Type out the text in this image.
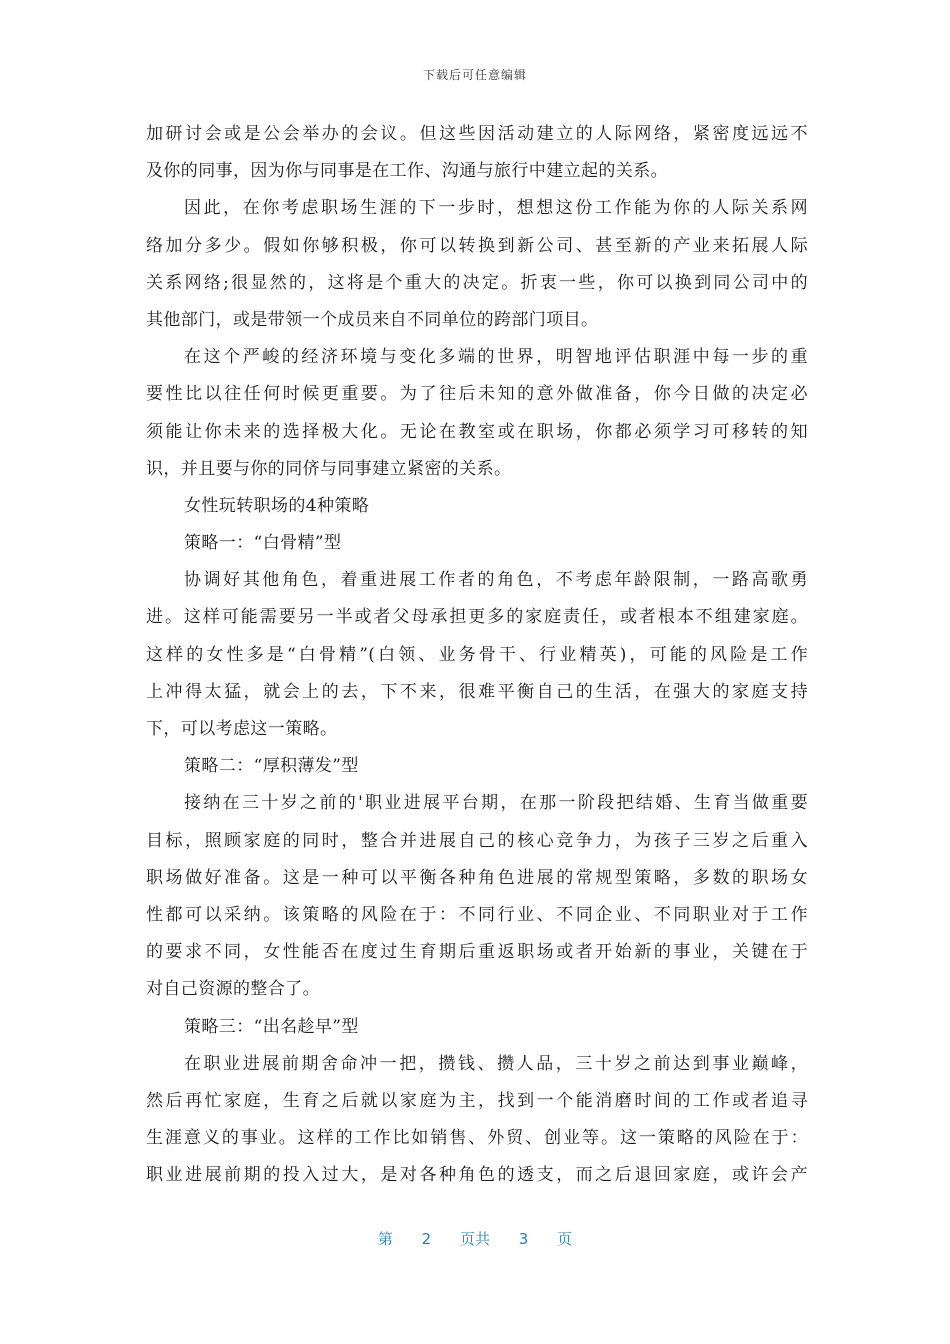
下载后可任意编辑
加研讨会或是公会举办的会议。但这些因活动建立的人际网络，紧密度远远不
及你的同事，因为你与同事是在工作、沟通与旅行中建立起的关系。
因此，在你考虑职场生涯的下一步时，想想这份工作能为你的人际关系网
络加分多少。假如你够积极，你可以转换到新公司、甚至新的产业来拓展人际
关系网络;很显然的，这将是个重大的决定。折衷一些，你可以换到同公司中的
其他部门，或是带领一个成员来自不同单位的跨部门项目。
在这个严峻的经济环境与变化多端的世界，明智地评估职涯中每一步的重
要性比以往任何时候更重要。为了往后未知的意外做准备，你今日做的决定必
须能让你未来的选择极大化。无论在教室或在职场，你都必须学习可移转的知
识，并且要与你的同侪与同事建立紧密的关系。
女性玩转职场的4种策略
策略一：“白骨精”型
协调好其他角色，着重进展工作者的角色，不考虑年龄限制，一路高歌勇
进。这样可能需要另一半或者父母承担更多的家庭责任，或者根本不组建家庭。
这样的女性多是“白骨精”(白领、业务骨干、行业精英)，可能的风险是工作
上冲得太猛，就会上的去，下不来，很难平衡自己的生活，在强大的家庭支持
下，可以考虑这一策略。
策略二：“厚积薄发”型
接纳在三十岁之前的'职业进展平台期，在那一阶段把结婚、生育当做重要
目标，照顾家庭的同时，整合并进展自己的核心竞争力，为孩子三岁之后重入
职场做好准备。这是一种可以平衡各种角色进展的常规型策略，多数的职场女
性都可以采纳。该策略的风险在于：不同行业、不同企业、不同职业对于工作
的要求不同，女性能否在度过生育期后重返职场或者开始新的事业，关键在于
对自己资源的整合了。
策略三：“出名趁早”型
在职业进展前期舍命冲一把，攒钱、攒人品，三十岁之前达到事业巅峰，
然后再忙家庭，生育之后就以家庭为主，找到一个能消磨时间的工作或者追寻
生涯意义的事业。这样的工作比如销售、外贸、创业等。这一策略的风险在于：
职业进展前期的投入过大，是对各种角色的透支，而之后退回家庭，或许会产
第 2 页共 3 页
